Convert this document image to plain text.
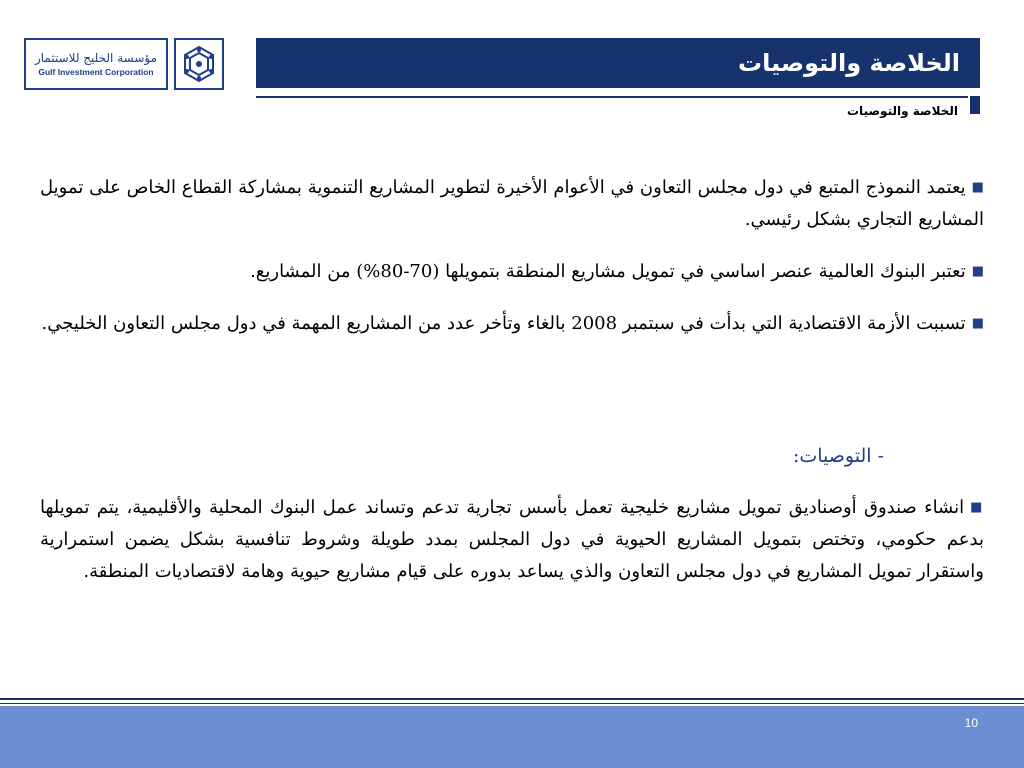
مؤسسة الخليج للاستثمار
Gulf Investment Corporation	الخلاصة والتوصيات
الخلاصة والتوصيات

■يعتمد النموذج المتبع في دول مجلس التعاون في الأعوام الأخيرة لتطوير المشاريع التنموية بمشاركة القطاع الخاص على تمويل المشاريع التجاري بشكل رئيسي.

■تعتبر البنوك العالمية عنصر اساسي في تمويل مشاريع المنطقة بتمويلها (70-80%) من المشاريع.

■تسببت الأزمة الاقتصادية التي بدأت في سبتمبر 2008 بالغاء وتأخر عدد من المشاريع المهمة في دول مجلس التعاون الخليجي.

- التوصيات:

■انشاء صندوق أوصناديق تمويل مشاريع خليجية تعمل بأسس تجارية تدعم وتساند عمل البنوك المحلية والأقليمية، يتم تمويلها بدعم حكومي، وتختص بتمويل المشاريع الحيوية في دول المجلس بمدد طويلة وشروط تنافسية بشكل يضمن استمرارية واستقرار تمويل المشاريع في دول مجلس التعاون والذي يساعد بدوره على قيام مشاريع حيوية وهامة لاقتصاديات المنطقة.

10
